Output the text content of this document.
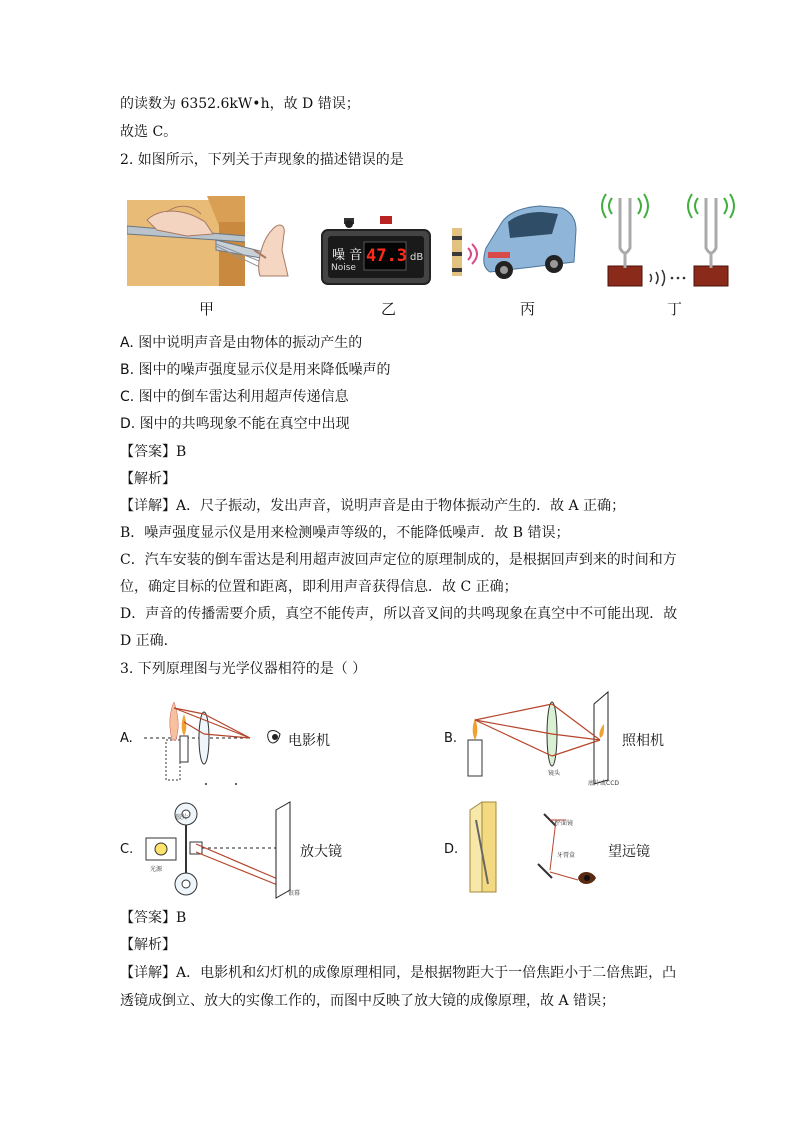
的读数为 6352.6kW•h，故 D 错误；
故选 C。
2. 如图所示，下列关于声现象的描述错误的是
甲
噪 音
Noise
47.3 dB
乙	丙	丁
A. 图中说明声音是由物体的振动产生的
B. 图中的噪声强度显示仪是用来降低噪声的
C. 图中的倒车雷达利用超声传递信息
D. 图中的共鸣现象不能在真空中出现
【答案】B
【解析】
【详解】A．尺子振动，发出声音，说明声音是由于物体振动产生的．故 A 正确；
B．噪声强度显示仪是用来检测噪声等级的，不能降低噪声．故 B 错误；
C．汽车安装的倒车雷达是利用超声波回声定位的原理制成的，是根据回声到来的时间和方
位，确定目标的位置和距离，即利用声音获得信息．故 C 正确；
D．声音的传播需要介质，真空不能传声，所以音叉间的共鸣现象在真空中不可能出现．故
D 正确．
3. 下列原理图与光学仪器相符的是（ ）
A.	电影机	B.
镜头
底片或CCD
照相机
C.
胶片
光源
银幕
放大镜	D.
平面镜
牙膏盒 望远镜
【答案】B
【解析】
【详解】A．电影机和幻灯机的成像原理相同，是根据物距大于一倍焦距小于二倍焦距，凸
透镜成倒立、放大的实像工作的，而图中反映了放大镜的成像原理，故 A 错误；
